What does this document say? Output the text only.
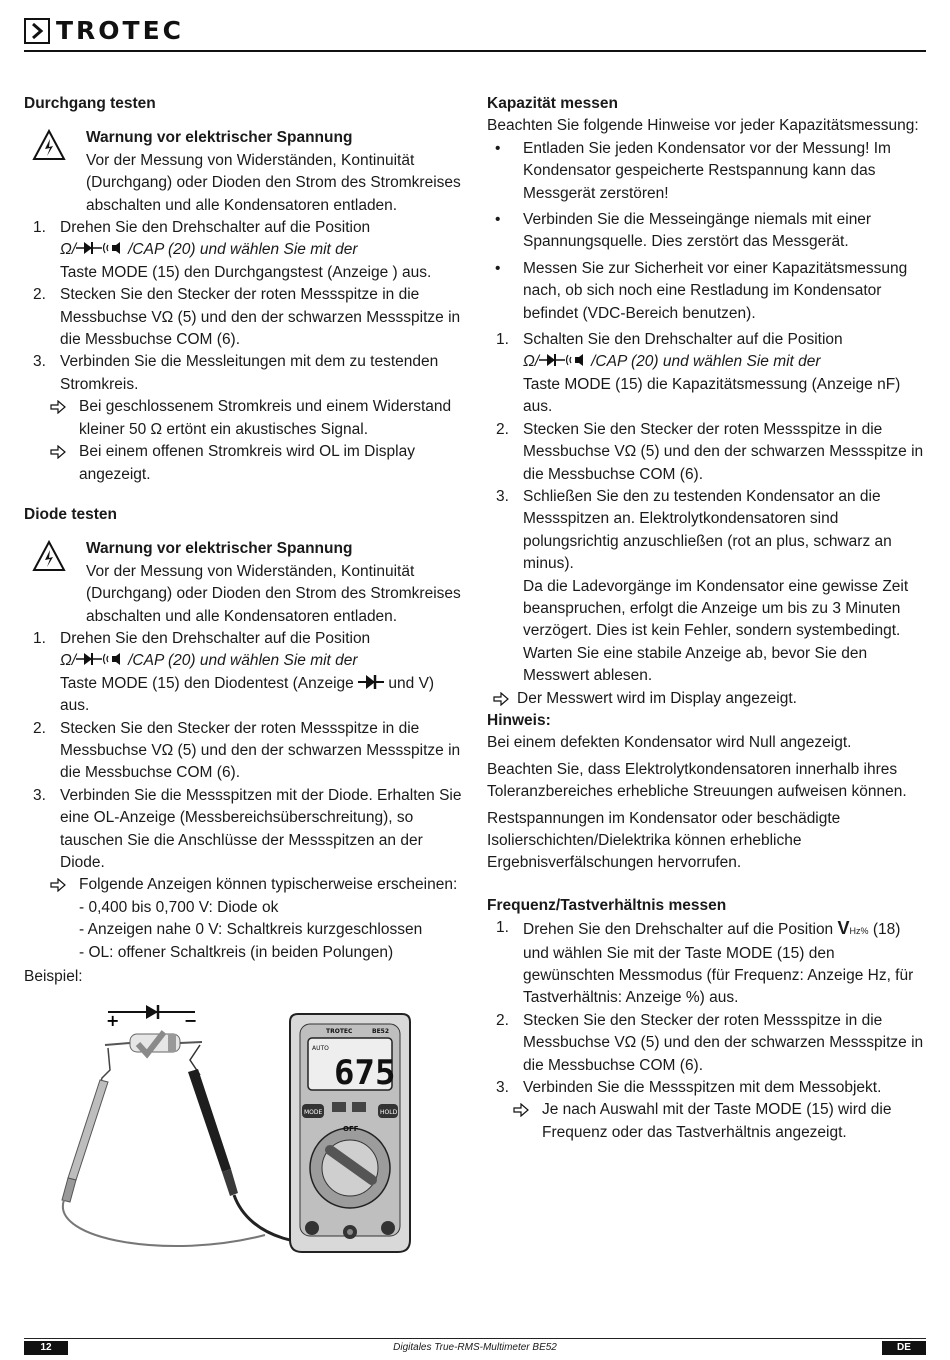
TROTEC
Durchgang testen

Warnung vor elektrischer Spannung

Vor der Messung von Widerständen, Kontinuität (Durchgang) oder Dioden den Strom des Stromkreises abschalten und alle Kondensatoren entladen.

1. Drehen Sie den Drehschalter auf die Position

Ω/	/CAP (20) und wählen Sie mit der

Taste MODE (15) den Durchgangstest (Anzeige ) aus.

2. Stecken Sie den Stecker der roten Messspitze in die Messbuchse VΩ (5) und den der schwarzen Messspitze in die Messbuchse COM (6).

3. Verbinden Sie die Messleitungen mit dem zu testenden Stromkreis.

Bei geschlossenem Stromkreis und einem Widerstand kleiner 50 Ω ertönt ein akustisches Signal.

Bei einem offenen Stromkreis wird OL im Display angezeigt.

Diode testen

Warnung vor elektrischer Spannung

Vor der Messung von Widerständen, Kontinuität (Durchgang) oder Dioden den Strom des Stromkreises abschalten und alle Kondensatoren entladen.

1. Drehen Sie den Drehschalter auf die Position

Ω/	/CAP (20) und wählen Sie mit der

Taste MODE (15) den Diodentest (Anzeige und V) aus.

2. Stecken Sie den Stecker der roten Messspitze in die Messbuchse VΩ (5) und den der schwarzen Messspitze in die Messbuchse COM (6).

3. Verbinden Sie die Messspitzen mit der Diode. Erhalten Sie eine OL-Anzeige (Messbereichsüberschreitung), so tauschen Sie die Anschlüsse der Messspitzen an der Diode.

Folgende Anzeigen können typischerweise erscheinen:

- 0,400 bis 0,700 V: Diode ok

- Anzeigen nahe 0 V: Schaltkreis kurzgeschlossen

- OL: offener Schaltkreis (in beiden Polungen)

Beispiel:

+	−
TROTEC	BE52
AUTO
675
MODE	HOLD
OFF
Kapazität messen

Beachten Sie folgende Hinweise vor jeder Kapazitätsmessung:

• Entladen Sie jeden Kondensator vor der Messung! Im Kondensator gespeicherte Restspannung kann das Messgerät zerstören!

• Verbinden Sie die Messeingänge niemals mit einer Spannungsquelle. Dies zerstört das Messgerät.

• Messen Sie zur Sicherheit vor einer Kapazitätsmessung nach, ob sich noch eine Restladung im Kondensator befindet (VDC-Bereich benutzen).

1. Schalten Sie den Drehschalter auf die Position

Ω/	/CAP (20) und wählen Sie mit der

Taste MODE (15) die Kapazitätsmessung (Anzeige nF) aus.

2. Stecken Sie den Stecker der roten Messspitze in die Messbuchse VΩ (5) und den der schwarzen Messspitze in die Messbuchse COM (6).

3. Schließen Sie den zu testenden Kondensator an die Messspitzen an. Elektrolytkondensatoren sind polungsrichtig anzuschließen (rot an plus, schwarz an minus).

Da die Ladevorgänge im Kondensator eine gewisse Zeit beanspruchen, erfolgt die Anzeige um bis zu 3 Minuten verzögert. Dies ist kein Fehler, sondern systembedingt. Warten Sie eine stabile Anzeige ab, bevor Sie den Messwert ablesen.

Der Messwert wird im Display angezeigt.

Hinweis:

Bei einem defekten Kondensator wird Null angezeigt.

Beachten Sie, dass Elektrolytkondensatoren innerhalb ihres Toleranzbereiches erhebliche Streuungen aufweisen können.

Restspannungen im Kondensator oder beschädigte Isolierschichten/Dielektrika können erhebliche Ergebnisverfälschungen hervorrufen.

Frequenz/Tastverhältnis messen
1. Drehen Sie den Drehschalter auf die Position VHz% (18) und wählen Sie mit der Taste MODE (15) den gewünschten Messmodus (für Frequenz: Anzeige Hz, für Tastverhältnis: Anzeige %) aus.

2. Stecken Sie den Stecker der roten Messspitze in die Messbuchse VΩ (5) und den der schwarzen Messspitze in die Messbuchse COM (6).

3. Verbinden Sie die Messspitzen mit dem Messobjekt.

Je nach Auswahl mit der Taste MODE (15) wird die Frequenz oder das Tastverhältnis angezeigt.

Digitales True-RMS-Multimeter BE52
12	DE
